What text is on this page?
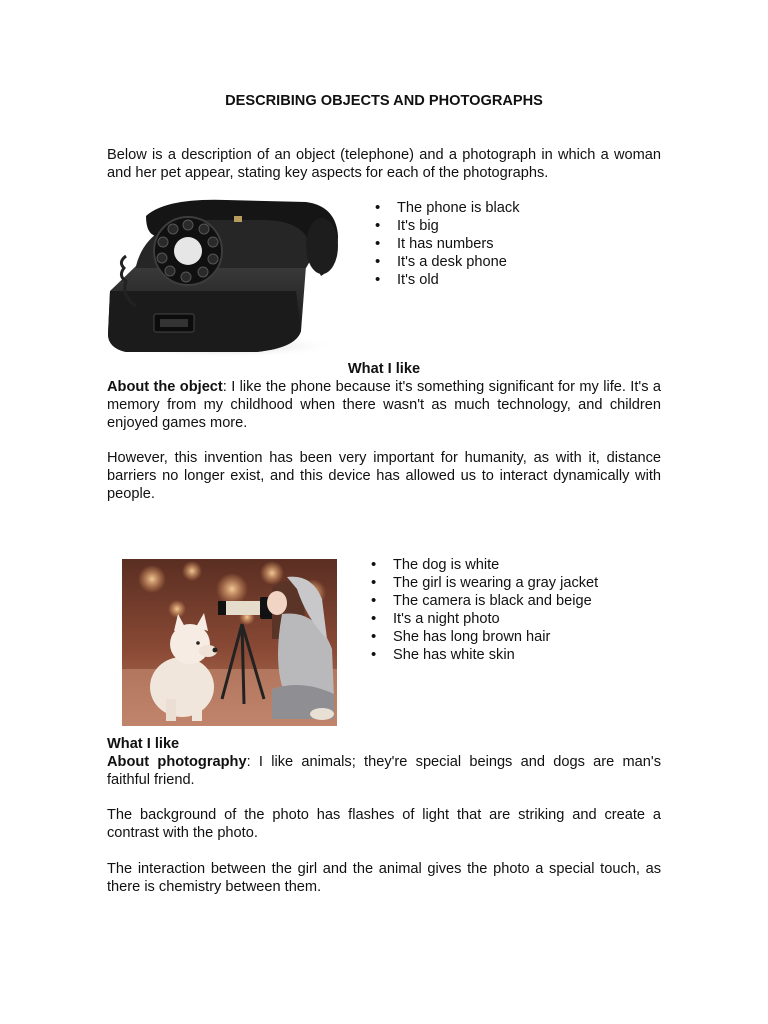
DESCRIBING OBJECTS AND PHOTOGRAPHS

Below is a description of an object (telephone) and a photograph in which a woman and her pet appear, stating key aspects for each of the photographs.

• The phone is black
• It's big
• It has numbers
• It's a desk phone
• It's old
What I like

About the object: I like the phone because it's something significant for my life. It's a memory from my childhood when there wasn't as much technology, and children enjoyed games more.

However, this invention has been very important for humanity, as with it, distance barriers no longer exist, and this device has allowed us to interact dynamically with people.

• The dog is white
• The girl is wearing a gray jacket
• The camera is black and beige
• It's a night photo
• She has long brown hair
• She has white skin
What I like

About photography: I like animals; they're special beings and dogs are man's faithful friend.

The background of the photo has flashes of light that are striking and create a contrast with the photo.

The interaction between the girl and the animal gives the photo a special touch, as there is chemistry between them.
